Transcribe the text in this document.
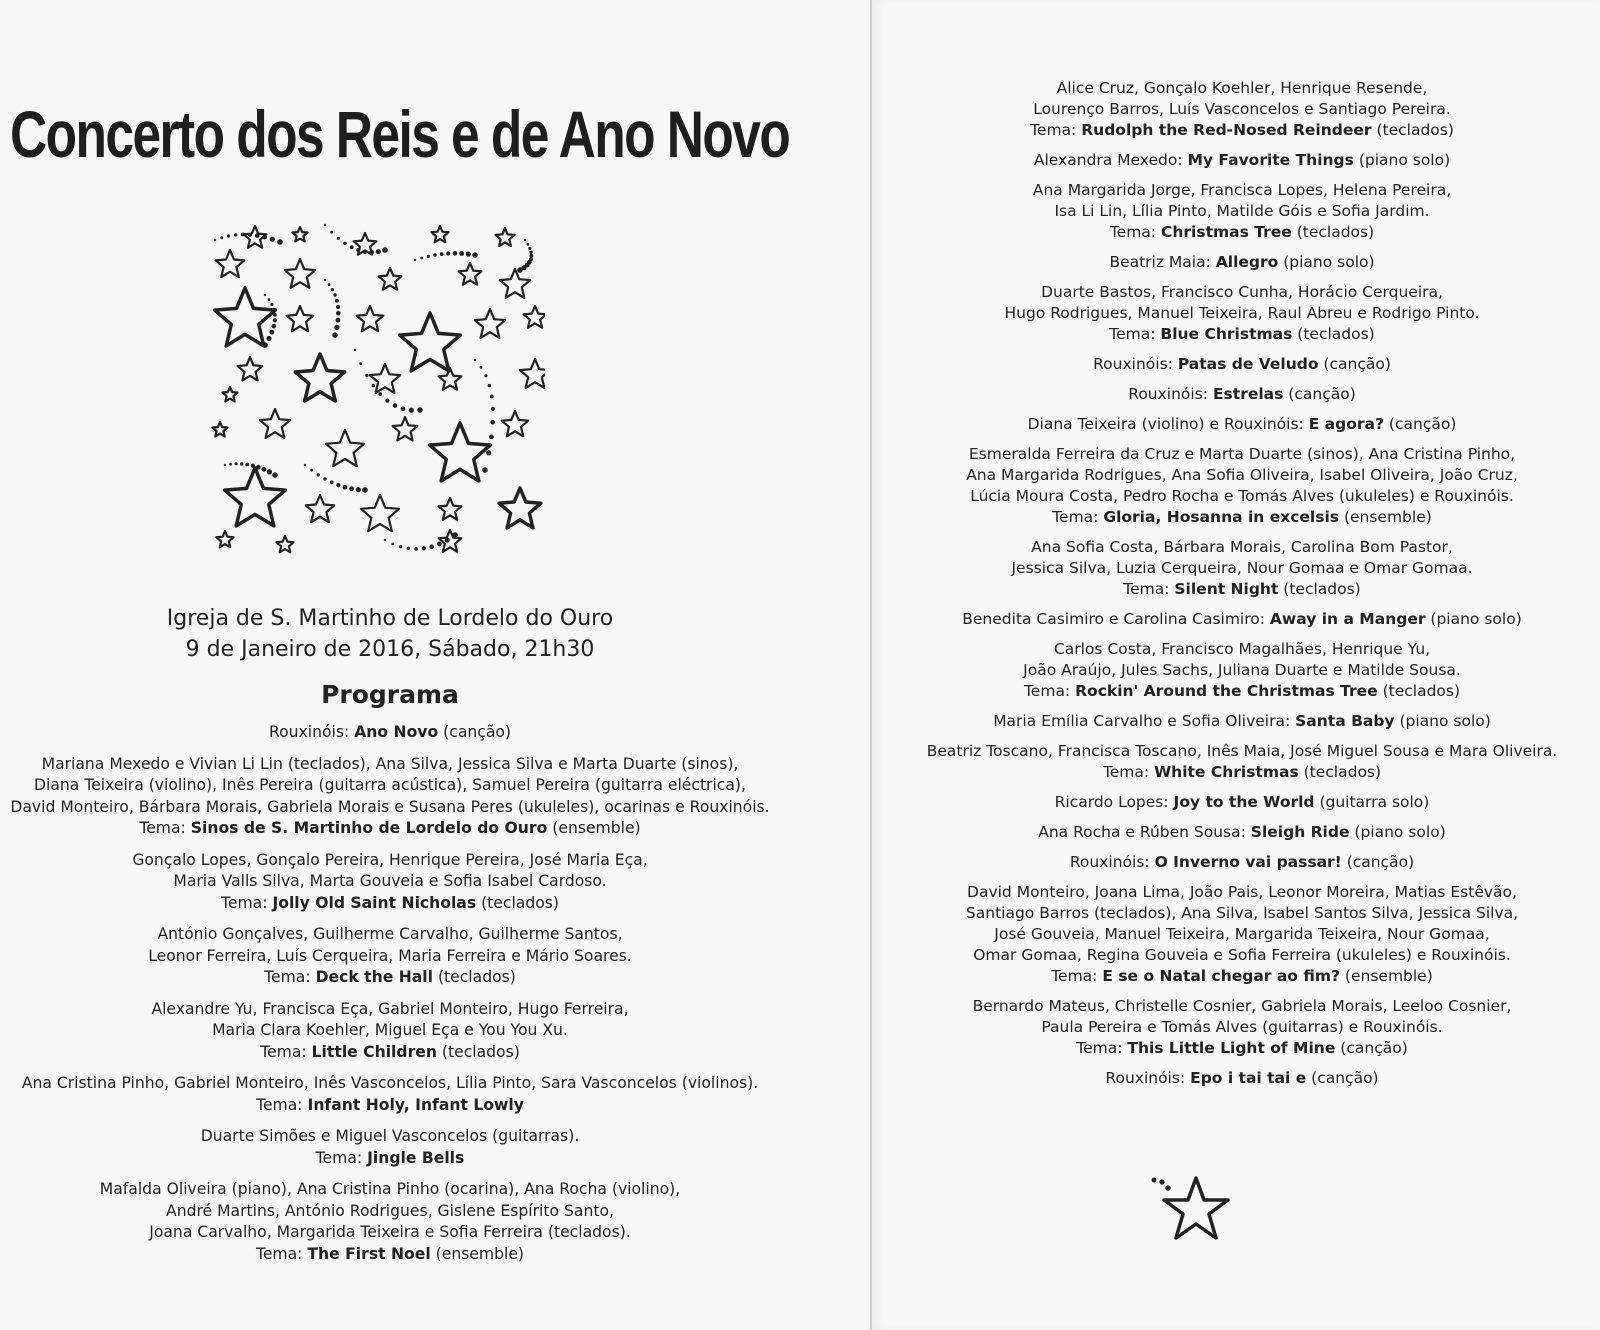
Concerto dos Reis e de Ano Novo

Igreja de S. Martinho de Lordelo do Ouro

9 de Janeiro de 2016, Sábado, 21h30

Programa
Rouxinóis: Ano Novo (canção)
Mariana Mexedo e Vivian Li Lin (teclados), Ana Silva, Jessica Silva e Marta Duarte (sinos),
Diana Teixeira (violino), Inês Pereira (guitarra acústica), Samuel Pereira (guitarra eléctrica),
David Monteiro, Bárbara Morais, Gabriela Morais e Susana Peres (ukuleles), ocarinas e Rouxinóis.
Tema: Sinos de S. Martinho de Lordelo do Ouro (ensemble)
Gonçalo Lopes, Gonçalo Pereira, Henrique Pereira, José Maria Eça,
Maria Valls Silva, Marta Gouveia e Sofia Isabel Cardoso.
Tema: Jolly Old Saint Nicholas (teclados)
António Gonçalves, Guilherme Carvalho, Guilherme Santos,
Leonor Ferreira, Luís Cerqueira, Maria Ferreira e Mário Soares.
Tema: Deck the Hall (teclados)
Alexandre Yu, Francisca Eça, Gabriel Monteiro, Hugo Ferreira,
Maria Clara Koehler, Miguel Eça e You You Xu.
Tema: Little Children (teclados)
Ana Cristina Pinho, Gabriel Monteiro, Inês Vasconcelos, Lília Pinto, Sara Vasconcelos (violinos).
Tema: Infant Holy, Infant Lowly
Duarte Simões e Miguel Vasconcelos (guitarras).
Tema: Jingle Bells
Mafalda Oliveira (piano), Ana Cristina Pinho (ocarina), Ana Rocha (violino),
André Martins, António Rodrigues, Gislene Espírito Santo,
Joana Carvalho, Margarida Teixeira e Sofia Ferreira (teclados).
Tema: The First Noel (ensemble)
Alice Cruz, Gonçalo Koehler, Henrique Resende,
Lourenço Barros, Luís Vasconcelos e Santiago Pereira.
Tema: Rudolph the Red-Nosed Reindeer (teclados)
Alexandra Mexedo: My Favorite Things (piano solo)
Ana Margarida Jorge, Francisca Lopes, Helena Pereira,
Isa Li Lin, Lília Pinto, Matilde Góis e Sofia Jardim.
Tema: Christmas Tree (teclados)
Beatriz Maia: Allegro (piano solo)
Duarte Bastos, Francisco Cunha, Horácio Cerqueira,
Hugo Rodrigues, Manuel Teixeira, Raul Abreu e Rodrigo Pinto.
Tema: Blue Christmas (teclados)
Rouxinóis: Patas de Veludo (canção)
Rouxinóis: Estrelas (canção)
Diana Teixeira (violino) e Rouxinóis: E agora? (canção)
Esmeralda Ferreira da Cruz e Marta Duarte (sinos), Ana Cristina Pinho,
Ana Margarida Rodrigues, Ana Sofia Oliveira, Isabel Oliveira, João Cruz,
Lúcia Moura Costa, Pedro Rocha e Tomás Alves (ukuleles) e Rouxinóis.
Tema: Gloria, Hosanna in excelsis (ensemble)
Ana Sofia Costa, Bárbara Morais, Carolina Bom Pastor,
Jessica Silva, Luzia Cerqueira, Nour Gomaa e Omar Gomaa.
Tema: Silent Night (teclados)
Benedita Casimiro e Carolina Casimiro: Away in a Manger (piano solo)
Carlos Costa, Francisco Magalhães, Henrique Yu,
João Araújo, Jules Sachs, Juliana Duarte e Matilde Sousa.
Tema: Rockin' Around the Christmas Tree (teclados)
Maria Emília Carvalho e Sofia Oliveira: Santa Baby (piano solo)
Beatriz Toscano, Francisca Toscano, Inês Maia, José Miguel Sousa e Mara Oliveira.
Tema: White Christmas (teclados)
Ricardo Lopes: Joy to the World (guitarra solo)
Ana Rocha e Rúben Sousa: Sleigh Ride (piano solo)
Rouxinóis: O Inverno vai passar! (canção)
David Monteiro, Joana Lima, João Pais, Leonor Moreira, Matias Estêvão,
Santiago Barros (teclados), Ana Silva, Isabel Santos Silva, Jessica Silva,
José Gouveia, Manuel Teixeira, Margarida Teixeira, Nour Gomaa,
Omar Gomaa, Regina Gouveia e Sofia Ferreira (ukuleles) e Rouxinóis.
Tema: E se o Natal chegar ao fim? (ensemble)
Bernardo Mateus, Christelle Cosnier, Gabriela Morais, Leeloo Cosnier,
Paula Pereira e Tomás Alves (guitarras) e Rouxinóis.
Tema: This Little Light of Mine (canção)
Rouxinóis: Epo i tai tai e (canção)
